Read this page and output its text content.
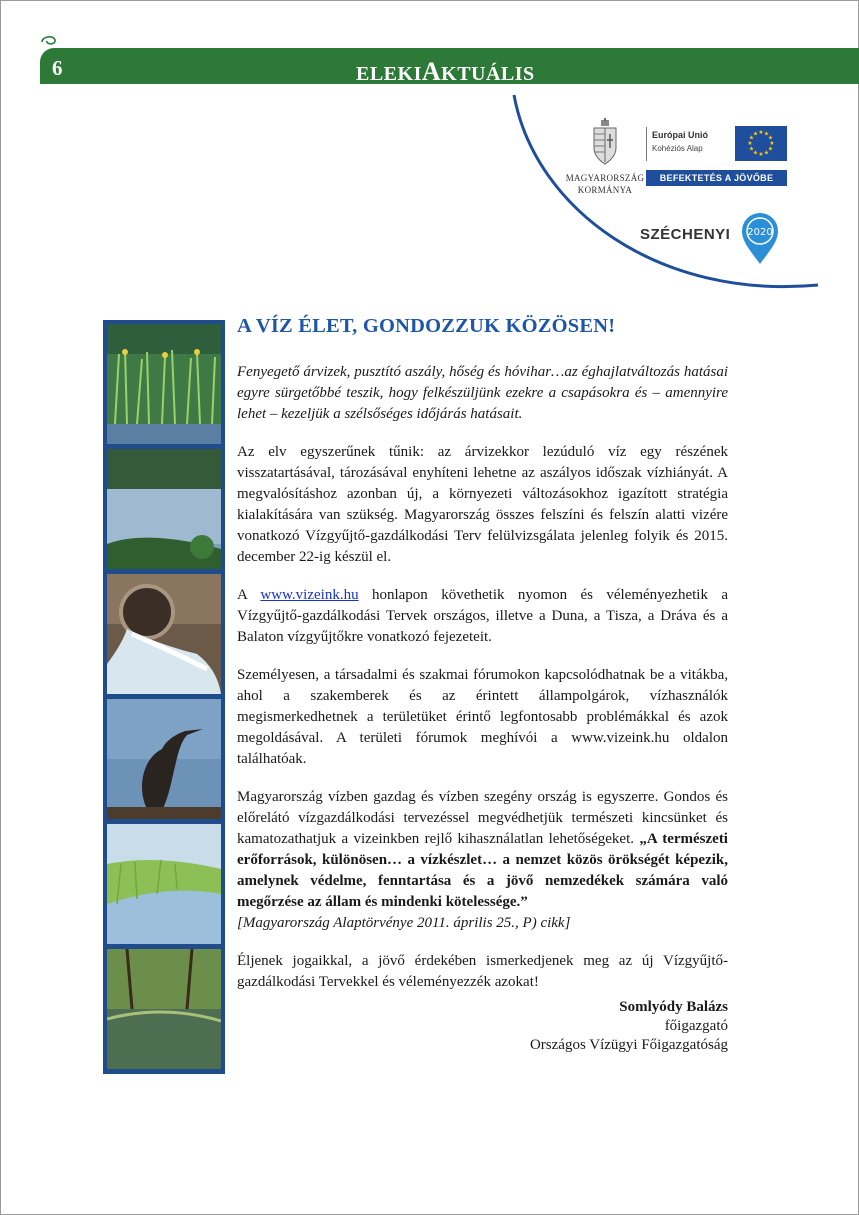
6	ELEKIAKTUÁLIS
MAGYARORSZÁG
KORMÁNYA
Európai Unió
Kohéziós Alap
★ ★
★
★
★
★
★
★
★
★
★
★
BEFEKTETÉS A JÖVŐBE
SZÉCHENYI 2020
A VÍZ ÉLET, GONDOZZUK KÖZÖSEN!

Fenyegető árvizek, pusztító aszály, hőség és hóvihar…az éghajlatváltozás hatásai egyre sürgetőbbé teszik, hogy felkészüljünk ezekre a csapásokra és – amennyire lehet – kezeljük a szélsőséges időjárás hatásait.

Az elv egyszerűnek tűnik: az árvizekkor lezúduló víz egy részének visszatartásával, tározásával enyhíteni lehetne az aszályos időszak vízhiányát. A megvalósításhoz azonban új, a környezeti változásokhoz igazított stratégia kialakítására van szükség. Magyarország összes felszíni és felszín alatti vizére vonatkozó Vízgyűjtő-gazdálkodási Terv felülvizsgálata jelenleg folyik és 2015. december 22-ig készül el.

A www.vizeink.hu honlapon követhetik nyomon és véleményezhetik a Vízgyűjtő-gazdálkodási Tervek országos, illetve a Duna, a Tisza, a Dráva és a Balaton vízgyűjtőkre vonatkozó fejezeteit.

Személyesen, a társadalmi és szakmai fórumokon kapcsolódhatnak be a vitákba, ahol a szakemberek és az érintett állampolgárok, vízhasználók megismerkedhetnek a területüket érintő legfontosabb problémákkal és azok megoldásával. A területi fórumok meghívói a www.vizeink.hu oldalon találhatóak.

Magyarország vízben gazdag és vízben szegény ország is egyszerre. Gondos és előrelátó vízgazdálkodási tervezéssel megvédhetjük természeti kincsünket és kamatozathatjuk a vizeinkben rejlő kihasználatlan lehetőségeket. „A természeti erőforrások, különösen… a vízkészlet… a nemzet közös örökségét képezik, amelynek védelme, fenntartása és a jövő nemzedékek számára való megőrzése az állam és mindenki kötelessége.”
[Magyarország Alaptörvénye 2011. április 25., P) cikk]

Éljenek jogaikkal, a jövő érdekében ismerkedjenek meg az új Vízgyűjtő-gazdálkodási Tervekkel és véleményezzék azokat!

Somlyódy Balázs
főigazgató
Országos Vízügyi Főigazgatóság
